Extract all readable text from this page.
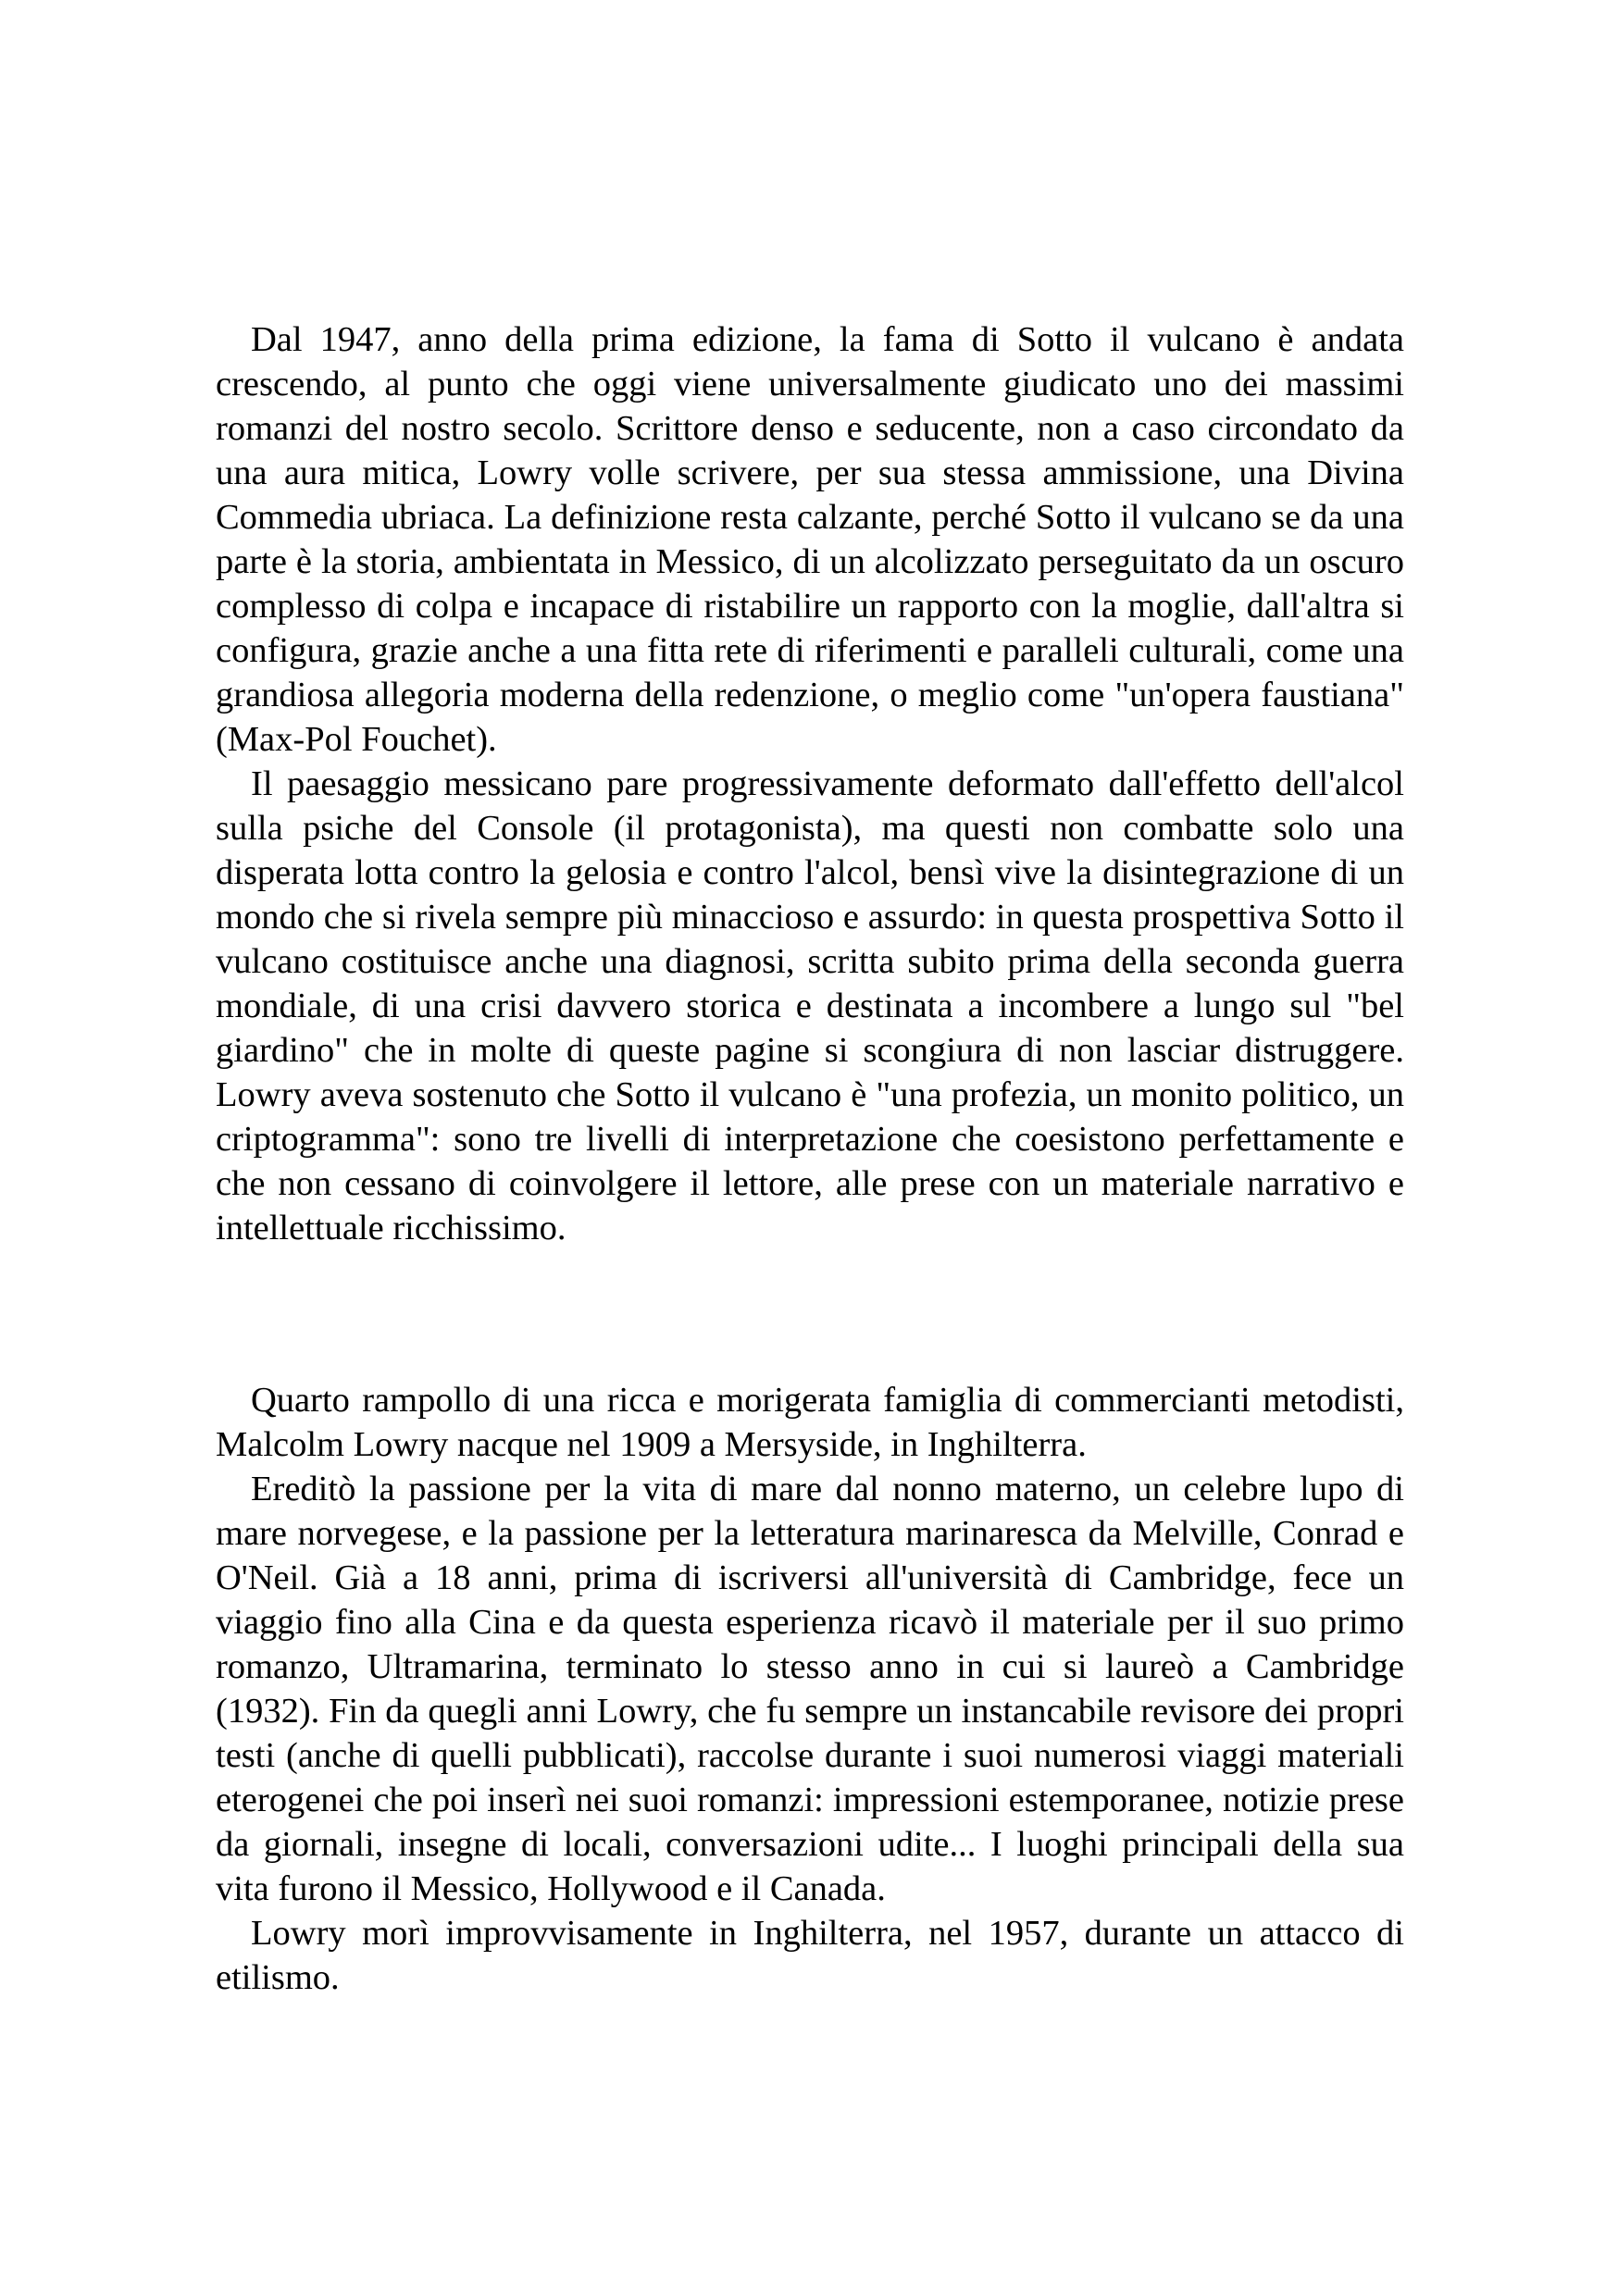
Dal 1947, anno della prima edizione, la fama di Sotto il vulcano è andata crescendo, al punto che oggi viene universalmente giudicato uno dei massimi romanzi del nostro secolo. Scrittore denso e seducente, non a caso circondato da una aura mitica, Lowry volle scrivere, per sua stessa ammissione, una Divina Commedia ubriaca. La definizione resta calzante, perché Sotto il vulcano se da una parte è la storia, ambientata in Messico, di un alcolizzato perseguitato da un oscuro complesso di colpa e incapace di ristabilire un rapporto con la moglie, dall'altra si configura, grazie anche a una fitta rete di riferimenti e paralleli culturali, come una grandiosa allegoria moderna della redenzione, o meglio come "un'opera faustiana" (Max-Pol Fouchet).

Il paesaggio messicano pare progressivamente deformato dall'effetto dell'alcol sulla psiche del Console (il protagonista), ma questi non combatte solo una disperata lotta contro la gelosia e contro l'alcol, bensì vive la disintegrazione di un mondo che si rivela sempre più minaccioso e assurdo: in questa prospettiva Sotto il vulcano costituisce anche una diagnosi, scritta subito prima della seconda guerra mondiale, di una crisi davvero storica e destinata a incombere a lungo sul "bel giardino" che in molte di queste pagine si scongiura di non lasciar distruggere. Lowry aveva sostenuto che Sotto il vulcano è "una profezia, un monito politico, un criptogramma": sono tre livelli di interpretazione che coesistono perfettamente e che non cessano di coinvolgere il lettore, alle prese con un materiale narrativo e intellettuale ricchissimo.

Quarto rampollo di una ricca e morigerata famiglia di commercianti metodisti, Malcolm Lowry nacque nel 1909 a Mersyside, in Inghilterra.

Ereditò la passione per la vita di mare dal nonno materno, un celebre lupo di mare norvegese, e la passione per la letteratura marinaresca da Melville, Conrad e O'Neil. Già a 18 anni, prima di iscriversi all'università di Cambridge, fece un viaggio fino alla Cina e da questa esperienza ricavò il materiale per il suo primo romanzo, Ultramarina, terminato lo stesso anno in cui si laureò a Cambridge (1932). Fin da quegli anni Lowry, che fu sempre un instancabile revisore dei propri testi (anche di quelli pubblicati), raccolse durante i suoi numerosi viaggi materiali eterogenei che poi inserì nei suoi romanzi: impressioni estemporanee, notizie prese da giornali, insegne di locali, conversazioni udite... I luoghi principali della sua vita furono il Messico, Hollywood e il Canada.

Lowry morì improvvisamente in Inghilterra, nel 1957, durante un attacco di etilismo.
